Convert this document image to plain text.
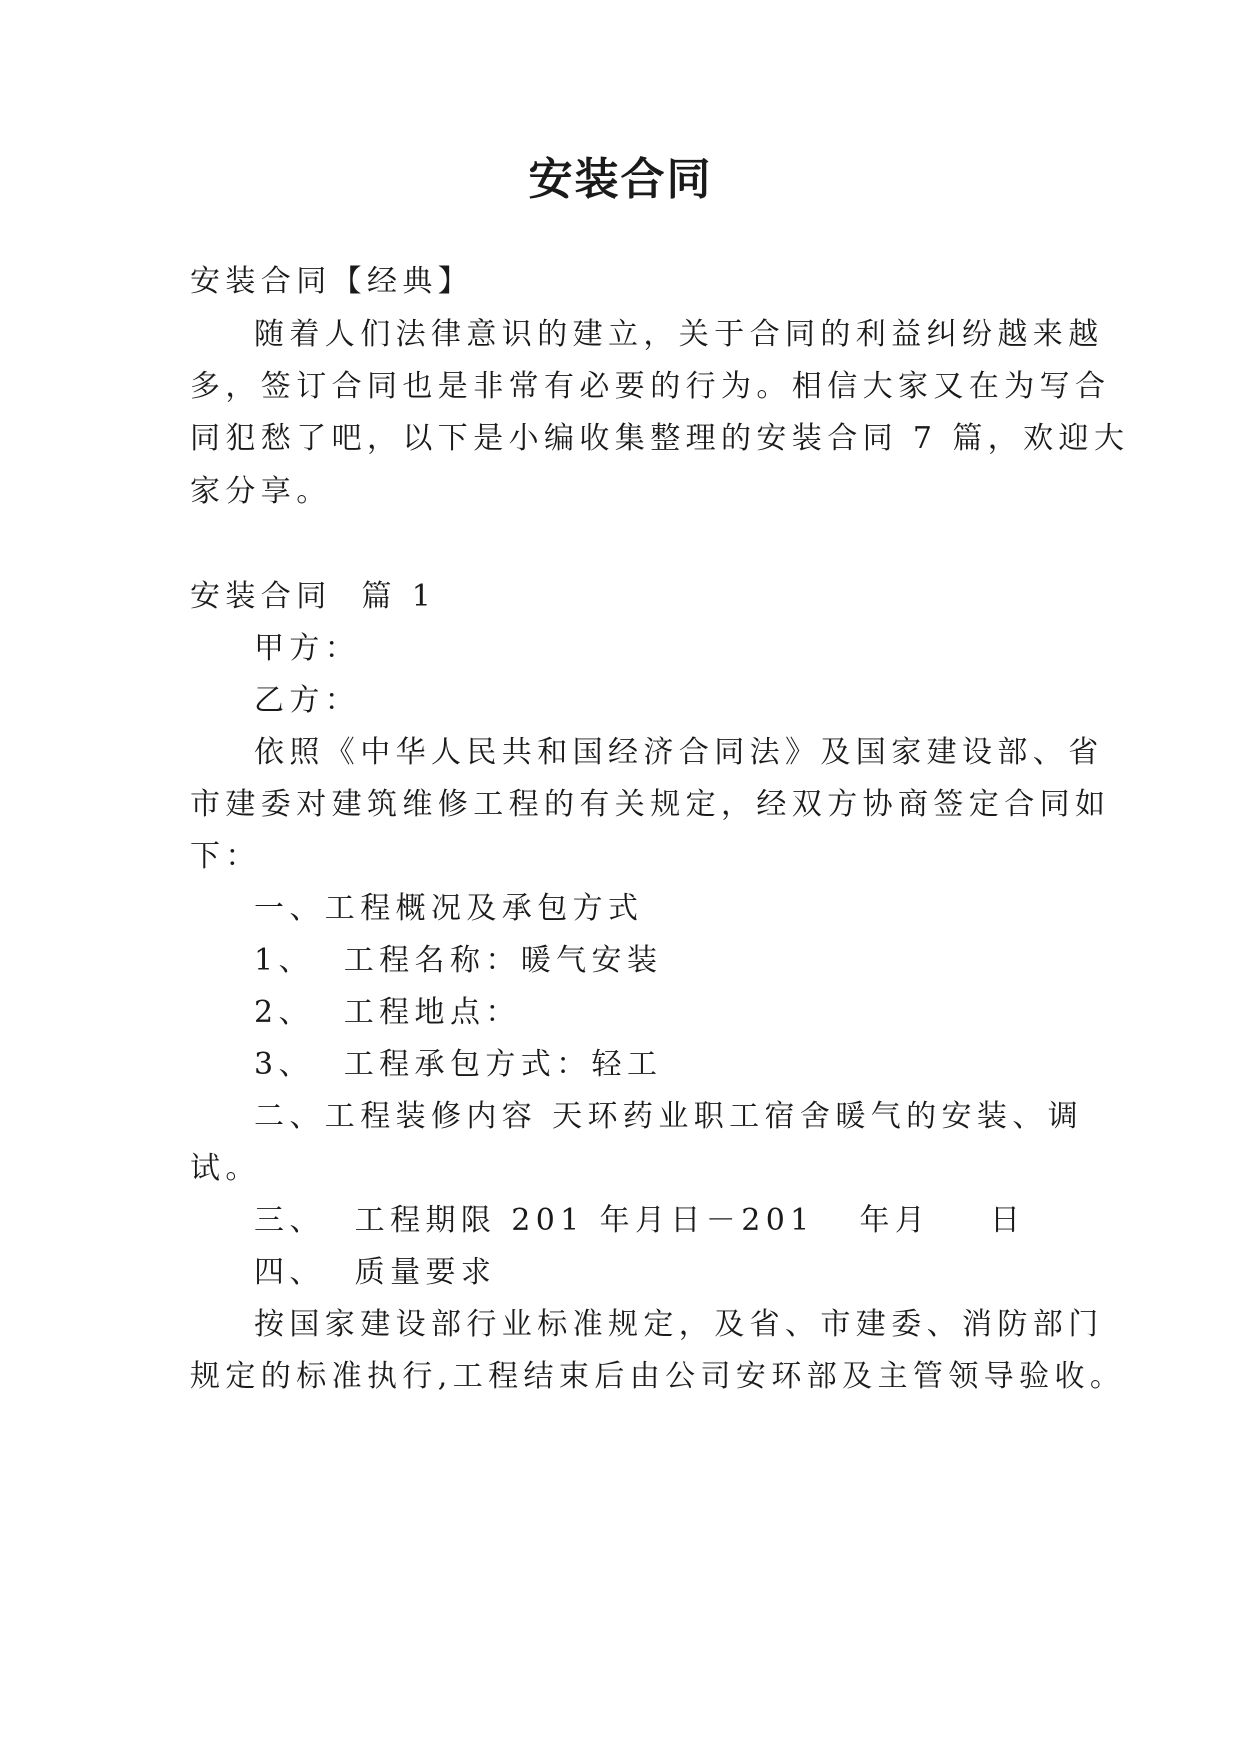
安装合同
安装合同【经典】
随着人们法律意识的建立，关于合同的利益纠纷越来越
多，签订合同也是非常有必要的行为。相信大家又在为写合
同犯愁了吧，以下是小编收集整理的安装合同 7 篇，欢迎大
家分享。
安装合同  篇 1
甲方：
乙方：
依照《中华人民共和国经济合同法》及国家建设部、省
市建委对建筑维修工程的有关规定，经双方协商签定合同如
下：
一、工程概况及承包方式
1、  工程名称：暖气安装
2、  工程地点：
3、  工程承包方式：轻工
二、工程装修内容 天环药业职工宿舍暖气的安装、调
试。
三、  工程期限 201 年月日－201   年月    日
四、  质量要求
按国家建设部行业标准规定，及省、市建委、消防部门
规定的标准执行,工程结束后由公司安环部及主管领导验收。
